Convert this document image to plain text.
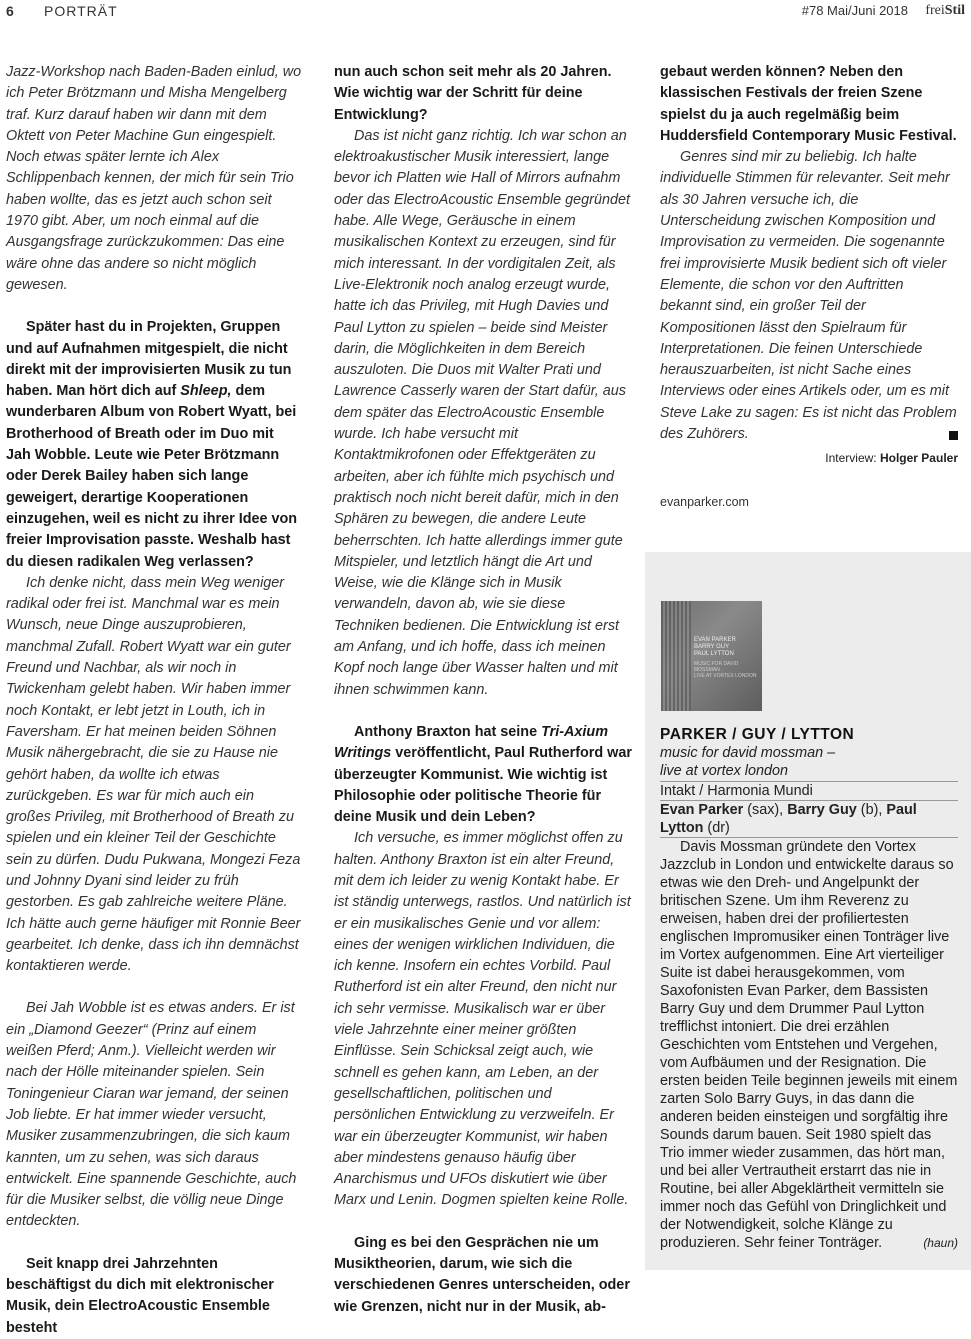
6 PORTRÄT	#78 Mai/Juni 2018 freiStil

Jazz-Workshop nach Baden-Baden einlud, wo ich Peter Brötzmann und Misha Mengelberg traf. Kurz darauf haben wir dann mit dem Oktett von Peter Machine Gun eingespielt. Noch etwas später lernte ich Alex Schlippenbach kennen, der mich für sein Trio haben wollte, das es jetzt auch schon seit 1970 gibt. Aber, um noch einmal auf die Ausgangsfrage zurückzukommen: Das eine wäre ohne das andere so nicht möglich gewesen.

Später hast du in Projekten, Gruppen und auf Aufnahmen mitgespielt, die nicht direkt mit der improvisierten Musik zu tun haben. Man hört dich auf Shleep, dem wunderbaren Album von Robert Wyatt, bei Brotherhood of Breath oder im Duo mit Jah Wobble. Leute wie Peter Brötzmann oder Derek Bailey haben sich lange geweigert, derartige Kooperationen einzugehen, weil es nicht zu ihrer Idee von freier Improvisation passte. Weshalb hast du diesen radikalen Weg verlassen?

Ich denke nicht, dass mein Weg weniger radikal oder frei ist. Manchmal war es mein Wunsch, neue Dinge auszuprobieren, manchmal Zufall. Robert Wyatt war ein guter Freund und Nachbar, als wir noch in Twickenham gelebt haben. Wir haben immer noch Kontakt, er lebt jetzt in Louth, ich in Faversham. Er hat meinen beiden Söhnen Musik nähergebracht, die sie zu Hause nie gehört haben, da wollte ich etwas zurückgeben. Es war für mich auch ein großes Privileg, mit Brotherhood of Breath zu spielen und ein kleiner Teil der Geschichte sein zu dürfen. Dudu Pukwana, Mongezi Feza und Johnny Dyani sind leider zu früh gestorben. Es gab zahlreiche weitere Pläne. Ich hätte auch gerne häufiger mit Ronnie Beer gearbeitet. Ich denke, dass ich ihn demnächst kontaktieren werde.

Bei Jah Wobble ist es etwas anders. Er ist ein „Diamond Geezer“ (Prinz auf einem weißen Pferd; Anm.). Vielleicht werden wir nach der Hölle miteinander spielen. Sein Toningenieur Ciaran war jemand, der seinen Job liebte. Er hat immer wieder versucht, Musiker zusammenzubringen, die sich kaum kannten, um zu sehen, was sich daraus entwickelt. Eine spannende Geschichte, auch für die Musiker selbst, die völlig neue Dinge entdeckten.

Seit knapp drei Jahrzehnten beschäftigst du dich mit elektronischer Musik, dein ElectroAcoustic Ensemble besteht

nun auch schon seit mehr als 20 Jahren. Wie wichtig war der Schritt für deine Entwicklung?

Das ist nicht ganz richtig. Ich war schon an elektroakustischer Musik interessiert, lange bevor ich Platten wie Hall of Mirrors aufnahm oder das ElectroAcoustic Ensemble gegründet habe. Alle Wege, Geräusche in einem musikalischen Kontext zu erzeugen, sind für mich interessant. In der vordigitalen Zeit, als Live-Elektronik noch analog erzeugt wurde, hatte ich das Privileg, mit Hugh Davies und Paul Lytton zu spielen – beide sind Meister darin, die Möglichkeiten in dem Bereich auszuloten. Die Duos mit Walter Prati und Lawrence Casserly waren der Start dafür, aus dem später das ElectroAcoustic Ensemble wurde. Ich habe versucht mit Kontaktmikrofonen oder Effektgeräten zu arbeiten, aber ich fühlte mich psychisch und praktisch noch nicht bereit dafür, mich in den Sphären zu bewegen, die andere Leute beherrschten. Ich hatte allerdings immer gute Mitspieler, und letztlich hängt die Art und Weise, wie die Klänge sich in Musik verwandeln, davon ab, wie sie diese Techniken bedienen. Die Entwicklung ist erst am Anfang, und ich hoffe, dass ich meinen Kopf noch lange über Wasser halten und mit ihnen schwimmen kann.

Anthony Braxton hat seine Tri-Axium Writings veröffentlicht, Paul Rutherford war überzeugter Kommunist. Wie wichtig ist Philosophie oder politische Theorie für deine Musik und dein Leben?

Ich versuche, es immer möglichst offen zu halten. Anthony Braxton ist ein alter Freund, mit dem ich leider zu wenig Kontakt habe. Er ist ständig unterwegs, rastlos. Und natürlich ist er ein musikalisches Genie und vor allem: eines der wenigen wirklichen Individuen, die ich kenne. Insofern ein echtes Vorbild. Paul Rutherford ist ein alter Freund, den nicht nur ich sehr vermisse. Musikalisch war er über viele Jahrzehnte einer meiner größten Einflüsse. Sein Schicksal zeigt auch, wie schnell es gehen kann, am Leben, an der gesellschaftlichen, politischen und persönlichen Entwicklung zu verzweifeln. Er war ein überzeugter Kommunist, wir haben aber mindestens genauso häufig über Anarchismus und UFOs diskutiert wie über Marx und Lenin. Dogmen spielten keine Rolle.

Ging es bei den Gesprächen nie um Musiktheorien, darum, wie sich die verschiedenen Genres unterscheiden, oder wie Grenzen, nicht nur in der Musik, ab-

gebaut werden können? Neben den klassischen Festivals der freien Szene spielst du ja auch regelmäßig beim Huddersfield Contemporary Music Festival.

Genres sind mir zu beliebig. Ich halte individuelle Stimmen für relevanter. Seit mehr als 30 Jahren versuche ich, die Unterscheidung zwischen Komposition und Improvisation zu vermeiden. Die sogenannte frei improvisierte Musik bedient sich oft vieler Elemente, die schon vor den Auftritten bekannt sind, ein großer Teil der Kompositionen lässt den Spielraum für Interpretationen. Die feinen Unterschiede herauszuarbeiten, ist nicht Sache eines Interviews oder eines Artikels oder, um es mit Steve Lake zu sagen: Es ist nicht das Problem des Zuhörers.

Interview: Holger Pauler

evanparker.com

EVAN PARKER
BARRY GUY
PAUL LYTTON
MUSIC FOR DAVID MOSSMAN
LIVE AT VORTEX LONDON
PARKER / GUY / LYTTON
music for david mossman –
live at vortex london
Intakt / Harmonia Mundi
Evan Parker (sax), Barry Guy (b), Paul Lytton (dr)

Davis Mossman gründete den Vortex Jazzclub in London und entwickelte daraus so etwas wie den Dreh- und Angelpunkt der britischen Szene. Um ihm Reverenz zu erweisen, haben drei der profiliertesten englischen Impromusiker einen Tonträger live im Vortex aufgenommen. Eine Art vierteiliger Suite ist dabei herausgekommen, vom Saxofonisten Evan Parker, dem Bassisten Barry Guy und dem Drummer Paul Lytton trefflichst intoniert. Die drei erzählen Geschichten vom Entstehen und Vergehen, vom Aufbäumen und der Resignation. Die ersten beiden Teile beginnen jeweils mit einem zarten Solo Barry Guys, in das dann die anderen beiden einsteigen und sorgfältig ihre Sounds darum bauen. Seit 1980 spielt das Trio immer wieder zusammen, das hört man, und bei aller Vertrautheit erstarrt das nie in Routine, bei aller Abgeklärtheit vermitteln sie immer noch das Gefühl von Dringlichkeit und der Notwendigkeit, solche Klänge zu produzieren. Sehr feiner Tonträger.	(haun)
